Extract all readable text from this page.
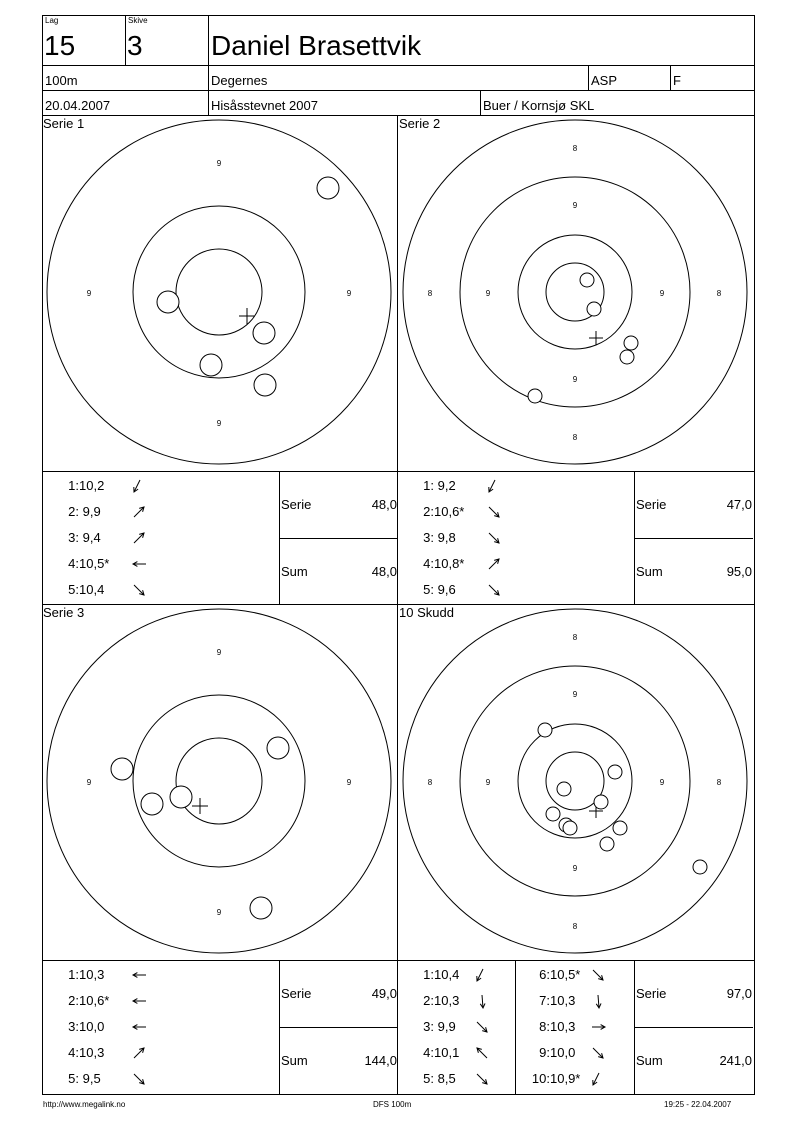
Lag
15
Skive
3 Daniel Brasettvik
100m	Degernes	ASP	F
20.04.2007	Hisåsstevnet 2007	Buer / Kornsjø SKL
Serie 1
9
9
9	9
Serie 2
8
9
9
8
8	9	9	8
Serie 3
9
9
9	9
10 Skudd
8
9
9
8
8	9	9	8
1:10,2
2: 9,9
3: 9,4
4:10,5*
5:10,4
Serie	48,0
Sum	48,0
1: 9,2
2:10,6*
3: 9,8
4:10,8*
5: 9,6
Serie	47,0
Sum	95,0
1:10,3
2:10,6*
3:10,0
4:10,3
5: 9,5
Serie	49,0
Sum	144,0
1:10,4
2:10,3
3: 9,9
4:10,1
5: 8,5
6:10,5*
7:10,3
8:10,3
9:10,0
10:10,9*
Serie	97,0
Sum	241,0
http://www.megalink.no	DFS 100m	19:25 - 22.04.2007
